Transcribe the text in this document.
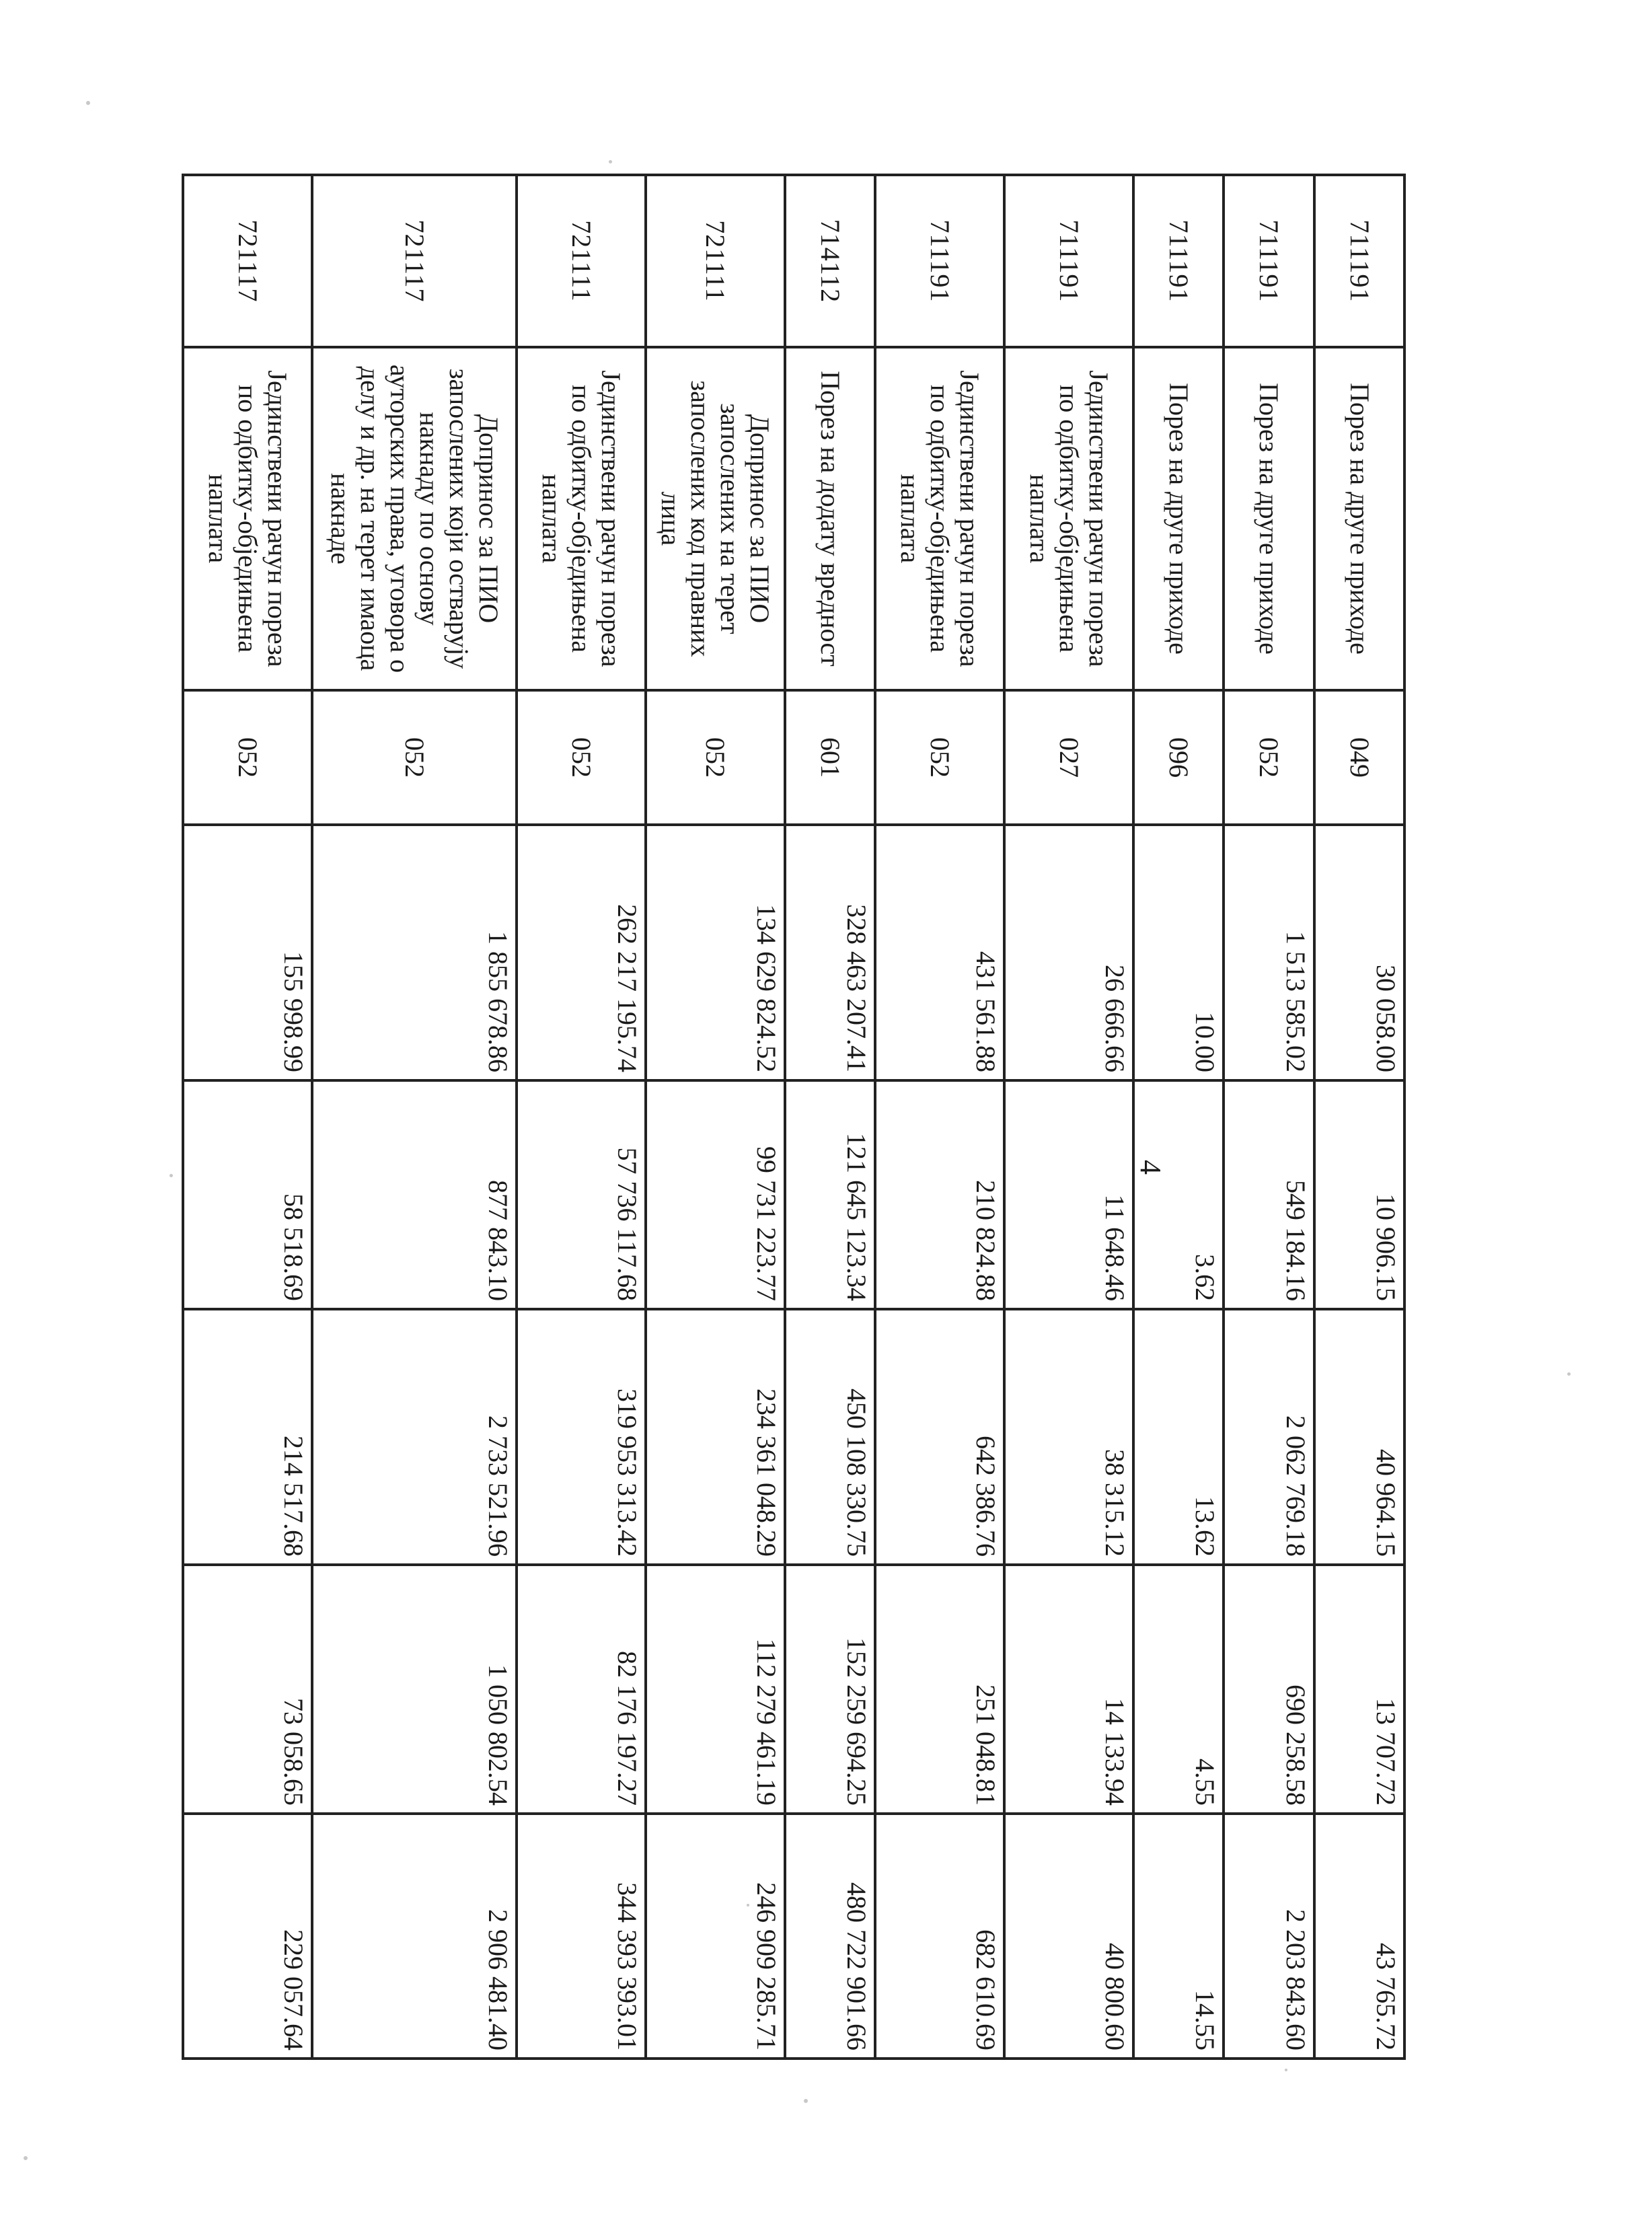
4
711191	Порез на друге приходе	049	30 058.00	10 906.15	40 964.15	13 707.72	43 765.72
711191	Порез на друге приходе	052	1 513 585.02	549 184.16	2 062 769.18	690 258.58	2 203 843.60
711191	Порез на друге приходе	096	10.00	3.62	13.62	4.55	14.55
711191	Јединствени рачун пореза по одбитку-обједињена наплата	027	26 666.66	11 648.46	38 315.12	14 133.94	40 800.60
711191	Јединствени рачун пореза по одбитку-обједињена наплата	052	431 561.88	210 824.88	642 386.76	251 048.81	682 610.69
714112	Порез на додату вредност	601	328 463 207.41	121 645 123.34	450 108 330.75	152 259 694.25	480 722 901.66
721111	Допринос за ПИО запослених на терет запослених код правних лица	052	134 629 824.52	99 731 223.77	234 361 048.29	112 279 461.19	246 909 285.71
721111	Јединствени рачун пореза по одбитку-обједињена наплата	052	262 217 195.74	57 736 117.68	319 953 313.42	82 176 197.27	344 393 393.01
721117	Допринос за ПИО запослених који остварују накнаду по основу ауторских права, уговора о делу и др. на терет имаоца накнаде	052	1 855 678.86	877 843.10	2 733 521.96	1 050 802.54	2 906 481.40
721117	Јединствени рачун пореза по одбитку-обједињена наплата	052	155 998.99	58 518.69	214 517.68	73 058.65	229 057.64
